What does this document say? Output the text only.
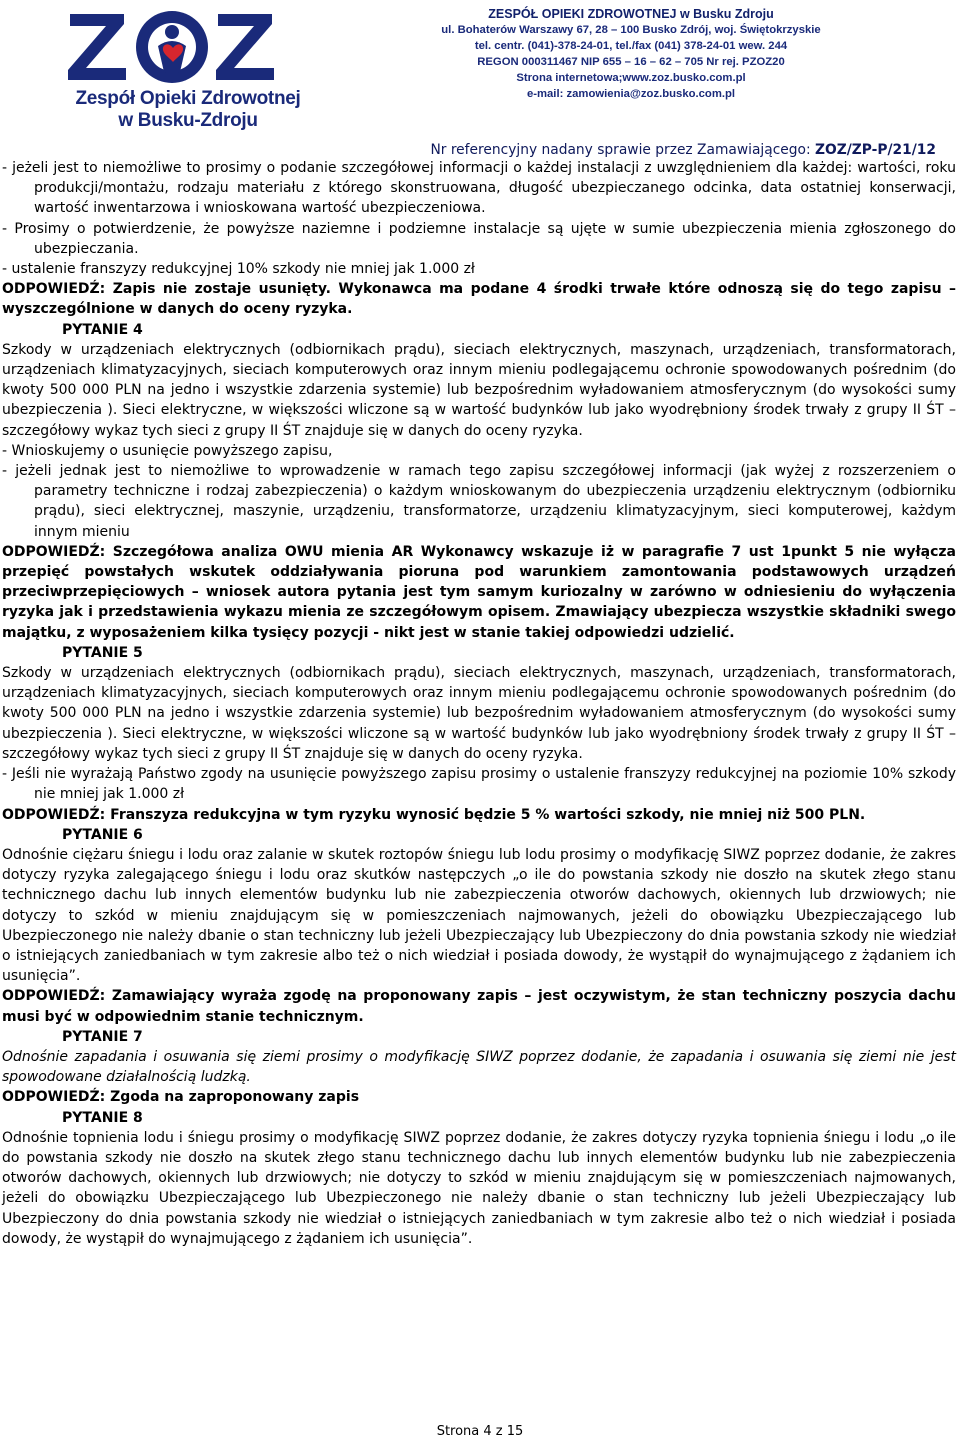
Zespół Opieki Zdrowotnej
w Busku-Zdroju
ZESPÓŁ OPIEKI ZDROWOTNEJ w Busku Zdroju
ul. Bohaterów Warszawy 67, 28 – 100 Busko Zdrój, woj. Świętokrzyskie
tel. centr. (041)-378-24-01, tel./fax (041) 378-24-01 wew. 244
REGON 000311467 NIP 655 – 16 – 62 – 705 Nr rej. PZOZ20
Strona internetowa;www.zoz.busko.com.pl
e-mail: zamowienia@zoz.busko.com.pl
Nr referencyjny nadany sprawie przez Zamawiającego: ZOZ/ZP-P/21/12

- jeżeli jest to niemożliwe to prosimy o podanie szczegółowej informacji o każdej instalacji z uwzględnieniem dla każdej: wartości, roku produkcji/montażu, rodzaju materiału z którego skonstruowana, długość ubezpieczanego odcinka, data ostatniej konserwacji, wartość inwentarzowa i wnioskowana wartość ubezpieczeniowa.

- Prosimy o potwierdzenie, że powyższe naziemne i podziemne instalacje są ujęte w sumie ubezpieczenia mienia zgłoszonego do ubezpieczania.

- ustalenie franszyzy redukcyjnej 10% szkody nie mniej jak 1.000 zł

ODPOWIEDŹ: Zapis nie zostaje usunięty. Wykonawca ma podane 4 środki trwałe które odnoszą się do tego zapisu – wyszczególnione w danych do oceny ryzyka.

PYTANIE 4

Szkody w urządzeniach elektrycznych (odbiornikach prądu), sieciach elektrycznych, maszynach, urządzeniach, transformatorach, urządzeniach klimatyzacyjnych, sieciach komputerowych oraz innym mieniu podlegającemu ochronie spowodowanych pośrednim (do kwoty 500 000 PLN na jedno i wszystkie zdarzenia systemie) lub bezpośrednim wyładowaniem atmosferycznym (do wysokości sumy ubezpieczenia ). Sieci elektryczne, w większości wliczone są w wartość budynków lub jako wyodrębniony środek trwały z grupy II ŚT – szczegółowy wykaz tych sieci z grupy II ŚT znajduje się w danych do oceny ryzyka.

- Wnioskujemy o usunięcie powyższego zapisu,

- jeżeli jednak jest to niemożliwe to wprowadzenie w ramach tego zapisu szczegółowej informacji (jak wyżej z rozszerzeniem o parametry techniczne i rodzaj zabezpieczenia) o każdym wnioskowanym do ubezpieczenia urządzeniu elektrycznym (odbiorniku prądu), sieci elektrycznej, maszynie, urządzeniu, transformatorze, urządzeniu klimatyzacyjnym, sieci komputerowej, każdym innym mieniu

ODPOWIEDŹ: Szczegółowa analiza OWU mienia AR Wykonawcy wskazuje iż w paragrafie 7 ust 1punkt 5 nie wyłącza przepięć powstałych wskutek oddziaływania pioruna pod warunkiem zamontowania podstawowych urządzeń przeciwprzepięciowych – wniosek autora pytania jest tym samym kuriozalny w zarówno w odniesieniu do wyłączenia ryzyka jak i przedstawienia wykazu mienia ze szczegółowym opisem. Zmawiający ubezpiecza wszystkie składniki swego majątku, z wyposażeniem kilka tysięcy pozycji - nikt jest w stanie takiej odpowiedzi udzielić.

PYTANIE 5

Szkody w urządzeniach elektrycznych (odbiornikach prądu), sieciach elektrycznych, maszynach, urządzeniach, transformatorach, urządzeniach klimatyzacyjnych, sieciach komputerowych oraz innym mieniu podlegającemu ochronie spowodowanych pośrednim (do kwoty 500 000 PLN na jedno i wszystkie zdarzenia systemie) lub bezpośrednim wyładowaniem atmosferycznym (do wysokości sumy ubezpieczenia ). Sieci elektryczne, w większości wliczone są w wartość budynków lub jako wyodrębniony środek trwały z grupy II ŚT – szczegółowy wykaz tych sieci z grupy II ŚT znajduje się w danych do oceny ryzyka.

- Jeśli nie wyrażają Państwo zgody na usunięcie powyższego zapisu prosimy o ustalenie franszyzy redukcyjnej na poziomie 10% szkody nie mniej jak 1.000 zł

ODPOWIEDŹ: Franszyza redukcyjna w tym ryzyku wynosić będzie 5 % wartości szkody, nie mniej niż 500 PLN.

PYTANIE 6

Odnośnie ciężaru śniegu i lodu oraz zalanie w skutek roztopów śniegu lub lodu prosimy o modyfikację SIWZ poprzez dodanie, że zakres dotyczy ryzyka zalegającego śniegu i lodu oraz skutków następczych „o ile do powstania szkody nie doszło na skutek złego stanu technicznego dachu lub innych elementów budynku lub nie zabezpieczenia otworów dachowych, okiennych lub drzwiowych; nie dotyczy to szkód w mieniu znajdującym się w pomieszczeniach najmowanych, jeżeli do obowiązku Ubezpieczającego lub Ubezpieczonego nie należy dbanie o stan techniczny lub jeżeli Ubezpieczający lub Ubezpieczony do dnia powstania szkody nie wiedział o istniejących zaniedbaniach w tym zakresie albo też o nich wiedział i posiada dowody, że wystąpił do wynajmującego z żądaniem ich usunięcia”.

ODPOWIEDŹ: Zamawiający wyraża zgodę na proponowany zapis – jest oczywistym, że stan techniczny poszycia dachu musi być w odpowiednim stanie technicznym.

PYTANIE 7

Odnośnie zapadania i osuwania się ziemi prosimy o modyfikację SIWZ poprzez dodanie, że zapadania i osuwania się ziemi nie jest spowodowane działalnością ludzką.

ODPOWIEDŹ: Zgoda na zaproponowany zapis

PYTANIE 8

Odnośnie topnienia lodu i śniegu prosimy o modyfikację SIWZ poprzez dodanie, że zakres dotyczy ryzyka topnienia śniegu i lodu „o ile do powstania szkody nie doszło na skutek złego stanu technicznego dachu lub innych elementów budynku lub nie zabezpieczenia otworów dachowych, okiennych lub drzwiowych; nie dotyczy to szkód w mieniu znajdującym się w pomieszczeniach najmowanych, jeżeli do obowiązku Ubezpieczającego lub Ubezpieczonego nie należy dbanie o stan techniczny lub jeżeli Ubezpieczający lub Ubezpieczony do dnia powstania szkody nie wiedział o istniejących zaniedbaniach w tym zakresie albo też o nich wiedział i posiada dowody, że wystąpił do wynajmującego z żądaniem ich usunięcia”.

Strona 4 z 15
